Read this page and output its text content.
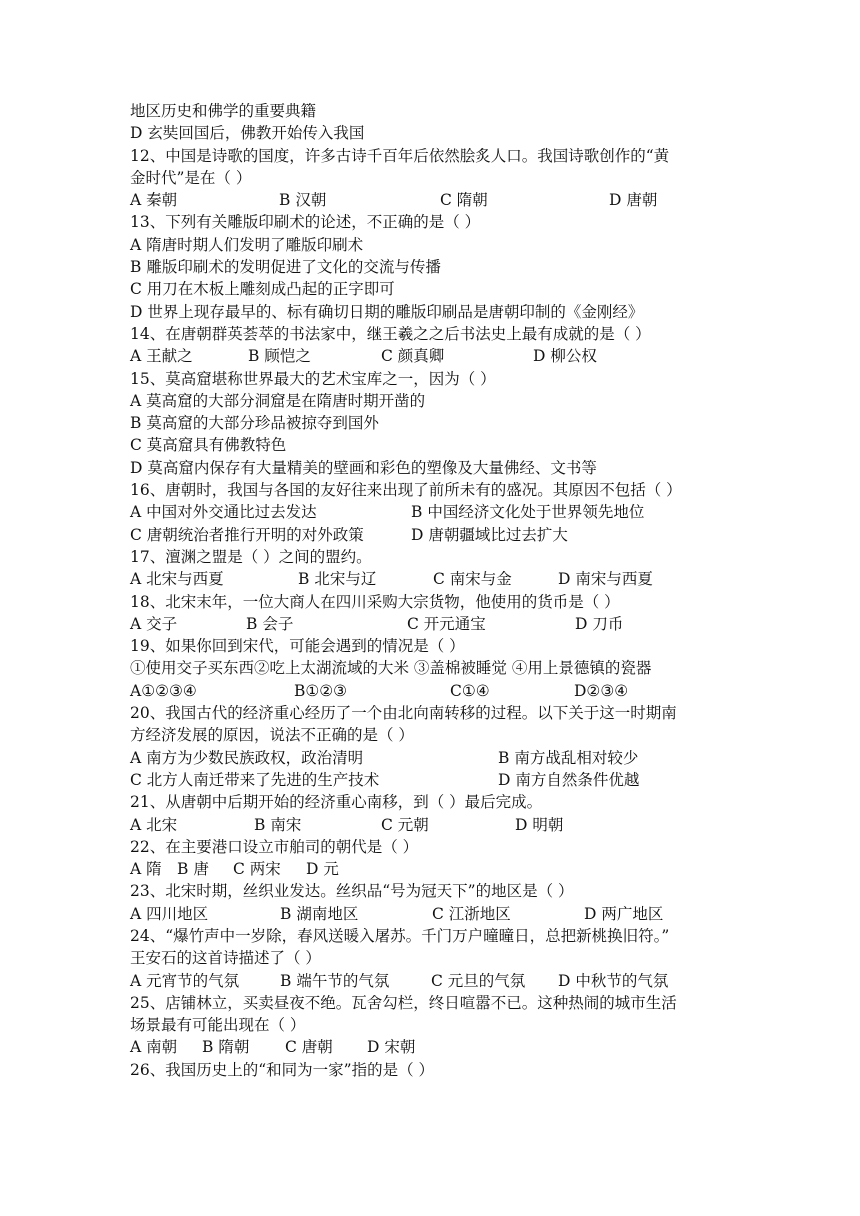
地区历史和佛学的重要典籍
D 玄奘回国后，佛教开始传入我国
12、中国是诗歌的国度，许多古诗千百年后依然脍炙人口。我国诗歌创作的“黄
金时代”是在（ ）
A 秦朝	B 汉朝	C 隋朝	D 唐朝
13、下列有关雕版印刷术的论述，不正确的是（ ）
A 隋唐时期人们发明了雕版印刷术
B 雕版印刷术的发明促进了文化的交流与传播
C 用刀在木板上雕刻成凸起的正字即可
D 世界上现存最早的、标有确切日期的雕版印刷品是唐朝印制的《金刚经》
14、在唐朝群英荟萃的书法家中，继王羲之之后书法史上最有成就的是（ ）
A 王献之	B 顾恺之	C 颜真卿	D 柳公权
15、莫高窟堪称世界最大的艺术宝库之一，因为（ ）
A 莫高窟的大部分洞窟是在隋唐时期开凿的
B 莫高窟的大部分珍品被掠夺到国外
C 莫高窟具有佛教特色
D 莫高窟内保存有大量精美的壁画和彩色的塑像及大量佛经、文书等
16、唐朝时，我国与各国的友好往来出现了前所未有的盛况。其原因不包括（ ）
A 中国对外交通比过去发达	B 中国经济文化处于世界领先地位
C 唐朝统治者推行开明的对外政策	D 唐朝疆域比过去扩大
17、澶渊之盟是（ ）之间的盟约。
A 北宋与西夏	B 北宋与辽	C 南宋与金	D 南宋与西夏
18、北宋末年，一位大商人在四川采购大宗货物，他使用的货币是（ ）
A 交子	B 会子	C 开元通宝	D 刀币
19、如果你回到宋代，可能会遇到的情况是（ ）
①使用交子买东西②吃上太湖流域的大米 ③盖棉被睡觉 ④用上景德镇的瓷器
A①②③④	B①②③	C①④	D②③④
20、我国古代的经济重心经历了一个由北向南转移的过程。以下关于这一时期南
方经济发展的原因，说法不正确的是（ ）
A 南方为少数民族政权，政治清明	B 南方战乱相对较少
C 北方人南迁带来了先进的生产技术	D 南方自然条件优越
21、从唐朝中后期开始的经济重心南移，到（ ）最后完成。
A 北宋	B 南宋	C 元朝	D 明朝
22、在主要港口设立市舶司的朝代是（ ）
A 隋 B 唐 C 两宋 D 元
23、北宋时期，丝织业发达。丝织品“号为冠天下”的地区是（ ）
A 四川地区	B 湖南地区	C 江浙地区	D 两广地区
24、“爆竹声中一岁除，春风送暖入屠苏。千门万户曈曈日，总把新桃换旧符。”
王安石的这首诗描述了（ ）
A 元宵节的气氛	B 端午节的气氛	C 元旦的气氛 D 中秋节的气氛
25、店铺林立，买卖昼夜不绝。瓦舍勾栏，终日喧嚣不已。这种热闹的城市生活
场景最有可能出现在（ ）
A 南朝 B 隋朝 C 唐朝 D 宋朝
26、我国历史上的“和同为一家”指的是（ ）
